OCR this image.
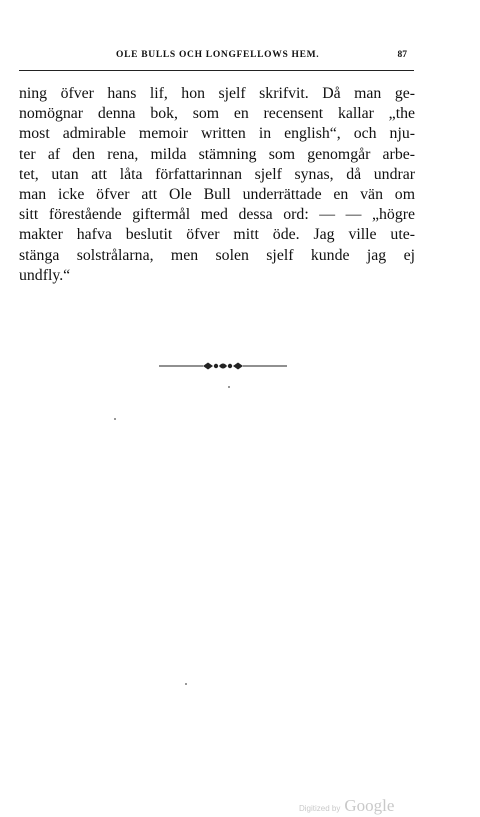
OLE BULLS OCH LONGFELLOWS HEM.	87
ning öfver hans lif, hon sjelf skrifvit. Då man ge-
nomögnar denna bok, som en recensent kallar „the
most admirable memoir written in english“, och nju-
ter af den rena, milda stämning som genomgår arbe-
tet, utan att låta författarinnan sjelf synas, då undrar
man icke öfver att Ole Bull underrättade en vän om
sitt förestående giftermål med dessa ord: — — „högre
makter hafva beslutit öfver mitt öde. Jag ville ute-
stänga solstrålarna, men solen sjelf kunde jag ej
undfly.“
Digitized by Google
